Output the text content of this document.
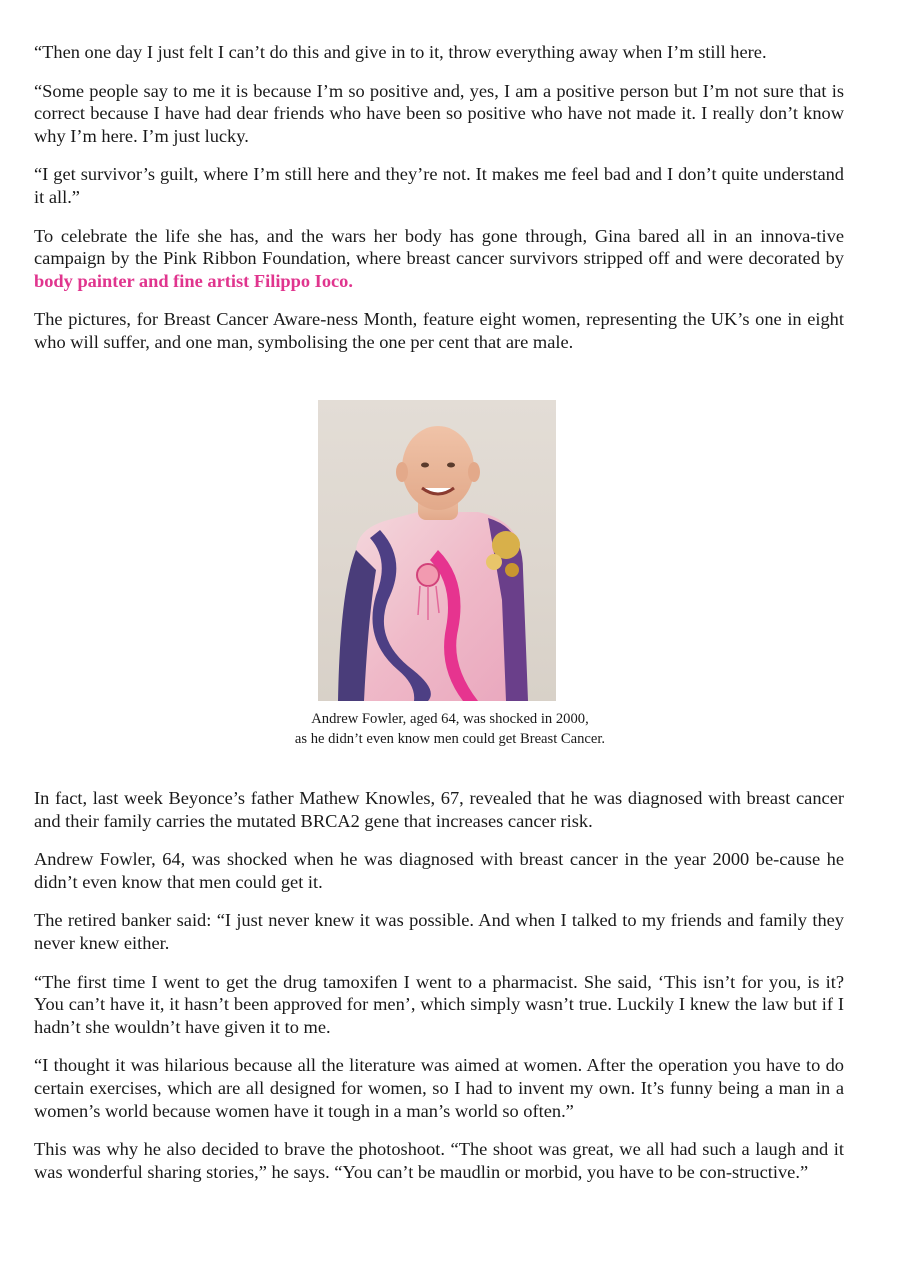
“Then one day I just felt I can’t do this and give in to it, throw everything away when I’m still here.

“Some people say to me it is because I’m so positive and, yes, I am a positive person but I’m not sure that is correct because I have had dear friends who have been so positive who have not made it. I really don’t know why I’m here. I’m just lucky.

“I get survivor’s guilt, where I’m still here and they’re not. It makes me feel bad and I don’t quite understand it all.”

To celebrate the life she has, and the wars her body has gone through, Gina bared all in an innova-tive campaign by the Pink Ribbon Foundation, where breast cancer survivors stripped off and were decorated by body painter and fine artist Filippo Ioco.

The pictures, for Breast Cancer Aware-ness Month, feature eight women, representing the UK’s one in eight who will suffer, and one man, symbolising the one per cent that are male.

Andrew Fowler, aged 64, was shocked in 2000,
as he didn’t even know men could get Breast Cancer.

In fact, last week Beyonce’s father Mathew Knowles, 67, revealed that he was diagnosed with breast cancer and their family carries the mutated BRCA2 gene that increases cancer risk.

Andrew Fowler, 64, was shocked when he was diagnosed with breast cancer in the year 2000 be-cause he didn’t even know that men could get it.

The retired banker said: “I just never knew it was possible. And when I talked to my friends and family they never knew either.

“The first time I went to get the drug tamoxifen I went to a pharmacist. She said, ‘This isn’t for you, is it? You can’t have it, it hasn’t been approved for men’, which simply wasn’t true. Luckily I knew the law but if I hadn’t she wouldn’t have given it to me.

“I thought it was hilarious because all the literature was aimed at women. After the operation you have to do certain exercises, which are all designed for women, so I had to invent my own. It’s funny being a man in a women’s world because women have it tough in a man’s world so often.”

This was why he also decided to brave the photoshoot. “The shoot was great, we all had such a laugh and it was wonderful sharing stories,” he says. “You can’t be maudlin or morbid, you have to be con-structive.”
